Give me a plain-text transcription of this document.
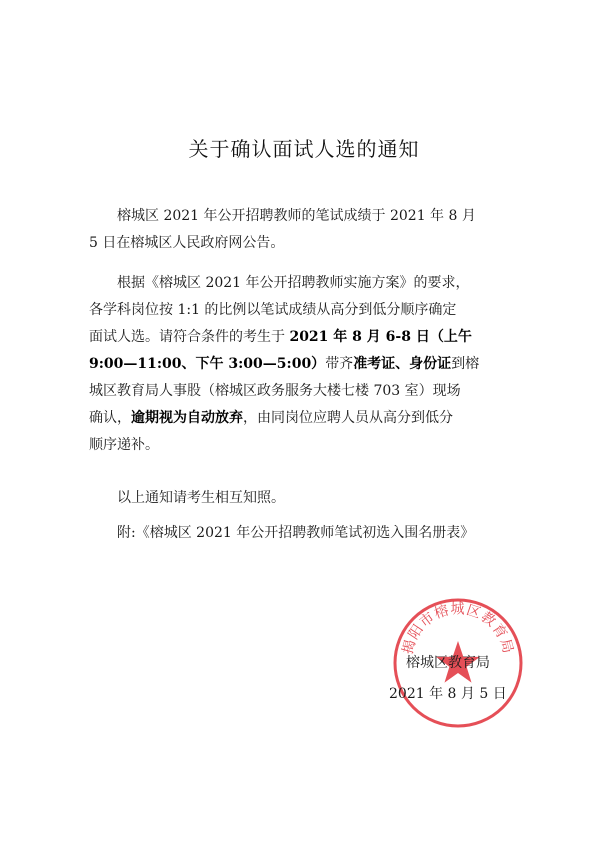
关于确认面试人选的通知
榕城区 2021 年公开招聘教师的笔试成绩于 2021 年 8 月
5 日在榕城区人民政府网公告。
根据《榕城区 2021 年公开招聘教师实施方案》的要求，
各学科岗位按 1:1 的比例以笔试成绩从高分到低分顺序确定
面试人选。请符合条件的考生于 2021 年 8 月 6-8 日（上午
9:00—11:00、下午 3:00—5:00）带齐准考证、身份证到榕
城区教育局人事股（榕城区政务服务大楼七楼 703 室）现场
确认，逾期视为自动放弃，由同岗位应聘人员从高分到低分
顺序递补。
以上通知请考生相互知照。
附:《榕城区 2021 年公开招聘教师笔试初选入围名册表》
揭阳市榕城区教育局
榕城区教育局
2021 年 8 月 5 日
